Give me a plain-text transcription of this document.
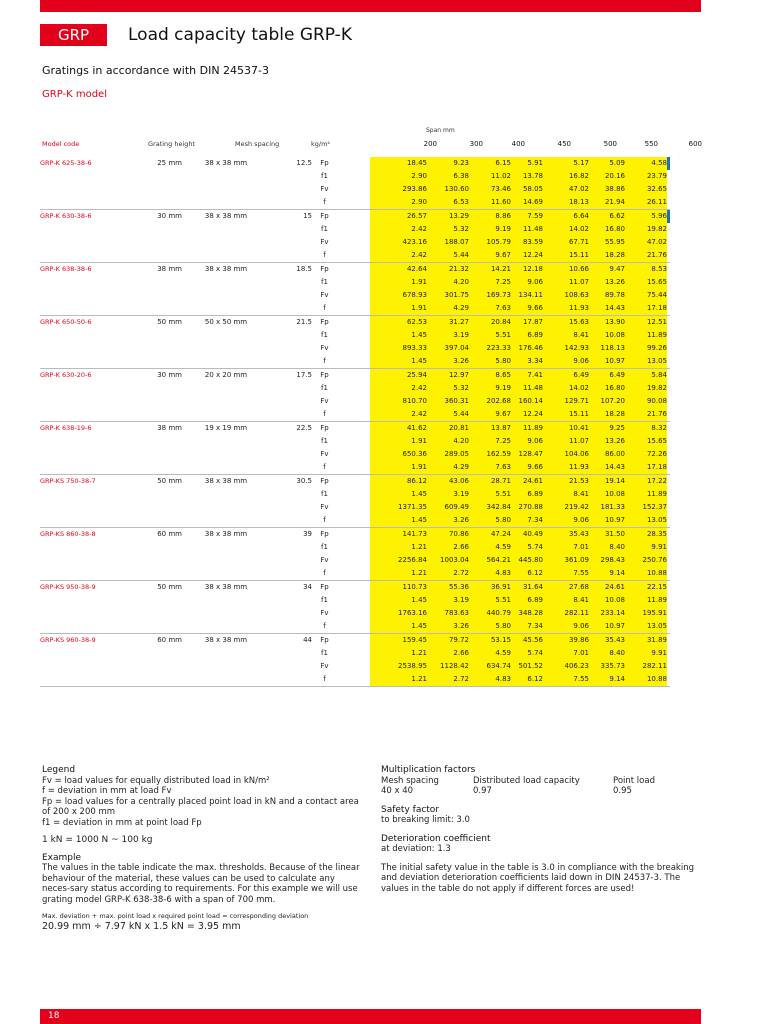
GRP	Load capacity table GRP-K
Gratings in accordance with DIN 24537-3
GRP-K model
Span mm
Model code	Grating height	Mesh spacing	kg/m²	200	300	400	450	500	550	600
GRP-K 625-38-6	25 mm	38 x 38 mm	12.5	Fp		18.45	9.23	6.15	5.91	5.17	5.09	4.58	
				f1		2.90	6.38	11.02	13.78	16.82	20.16	23.79	
				Fv		293.86	130.60	73.46	58.05	47.02	38.86	32.65	
				f		2.90	6.53	11.60	14.69	18.13	21.94	26.11	
GRP-K 630-38-6	30 mm	38 x 38 mm	15	Fp		26.57	13.29	8.86	7.59	6.64	6.62	5.96	
				f1		2.42	5.32	9.19	11.48	14.02	16.80	19.82	
				Fv		423.16	188.07	105.79	83.59	67.71	55.95	47.02	
				f		2.42	5.44	9.67	12.24	15.11	18.28	21.76	
GRP-K 638-38-6	38 mm	38 x 38 mm	18.5	Fp		42.64	21.32	14.21	12.18	10.66	9.47	8.53	
				f1		1.91	4.20	7.25	9.06	11.07	13.26	15.65	
				Fv		678.93	301.75	169.73	134.11	108.63	89.78	75.44	
				f		1.91	4.29	7.63	9.66	11.93	14.43	17.18	
GRP-K 650-50-6	50 mm	50 x 50 mm	21.5	Fp		62.53	31.27	20.84	17.87	15.63	13.90	12.51	
				f1		1.45	3.19	5.51	6.89	8.41	10.08	11.89	
				Fv		893.33	397.04	223.33	176.46	142.93	118.13	99.26	
				f		1.45	3.26	5.80	3.34	9.06	10.97	13.05	
GRP-K 630-20-6	30 mm	20 x 20 mm	17.5	Fp		25.94	12.97	8.65	7.41	6.49	6.49	5.84	
				f1		2.42	5.32	9.19	11.48	14.02	16.80	19.82	
				Fv		810.70	360.31	202.68	160.14	129.71	107.20	90.08	
				f		2.42	5.44	9.67	12.24	15.11	18.28	21.76	
GRP-K 638-19-6	38 mm	19 x 19 mm	22.5	Fp		41.62	20.81	13.87	11.89	10.41	9.25	8.32	
				f1		1.91	4.20	7.25	9.06	11.07	13.26	15.65	
				Fv		650.36	289.05	162.59	128.47	104.06	86.00	72.26	
				f		1.91	4.29	7.63	9.66	11.93	14.43	17.18	
GRP-KS 750-38-7	50 mm	38 x 38 mm	30.5	Fp		86.12	43.06	28.71	24.61	21.53	19.14	17.22	
				f1		1.45	3.19	5.51	6.89	8.41	10.08	11.89	
				Fv		1371.35	609.49	342.84	270.88	219.42	181.33	152.37	
				f		1.45	3.26	5.80	7.34	9.06	10.97	13.05	
GRP-KS 860-38-8	60 mm	38 x 38 mm	39	Fp		141.73	70.86	47.24	40.49	35.43	31.50	28.35	
				f1		1.21	2.66	4.59	5.74	7.01	8.40	9.91	
				Fv		2256.84	1003.04	564.21	445.80	361.09	298.43	250.76	
				f		1.21	2.72	4.83	6.12	7.55	9.14	10.88	
GRP-KS 950-38-9	50 mm	38 x 38 mm	34	Fp		110.73	55.36	36.91	31.64	27.68	24.61	22.15	
				f1		1.45	3.19	5.51	6.89	8.41	10.08	11.89	
				Fv		1763.16	783.63	440.79	348.28	282.11	233.14	195.91	
				f		1.45	3.26	5.80	7.34	9.06	10.97	13.05	
GRP-KS 960-38-9	60 mm	38 x 38 mm	44	Fp		159.45	79.72	53.15	45.56	39.86	35.43	31.89	
				f1		1.21	2.66	4.59	5.74	7.01	8.40	9.91	
				Fv		2538.95	1128.42	634.74	501.52	406.23	335.73	282.11	
				f		1.21	2.72	4.83	6.12	7.55	9.14	10.88	
Legend
Fv = load values for equally distributed load in kN/m²
f = deviation in mm at load Fv
Fp = load values for a centrally placed point load in kN and a contact area of 200 x 200 mm
f1 = deviation in mm at point load Fp
1 kN = 1000 N ~ 100 kg
Example
The values in the table indicate the max. thresholds. Because of the linear behaviour of the material, these values can be used to calculate any neces-sary status according to requirements. For this example we will use grating model GRP-K 638-38-6 with a span of 700 mm.
Max. deviation + max. point load x required point load = corresponding deviation
20.99 mm ÷ 7.97 kN x 1.5 kN = 3.95 mm
Multiplication factors
Mesh spacing	Distributed load capacity	Point load
40 x 40	0.97	0.95
Safety factor
to breaking limit: 3.0
Deterioration coefficient
at deviation: 1.3
The initial safety value in the table is 3.0 in compliance with the breaking and deviation deterioration coefficients laid down in DIN 24537-3. The values in the table do not apply if different forces are used!
18
